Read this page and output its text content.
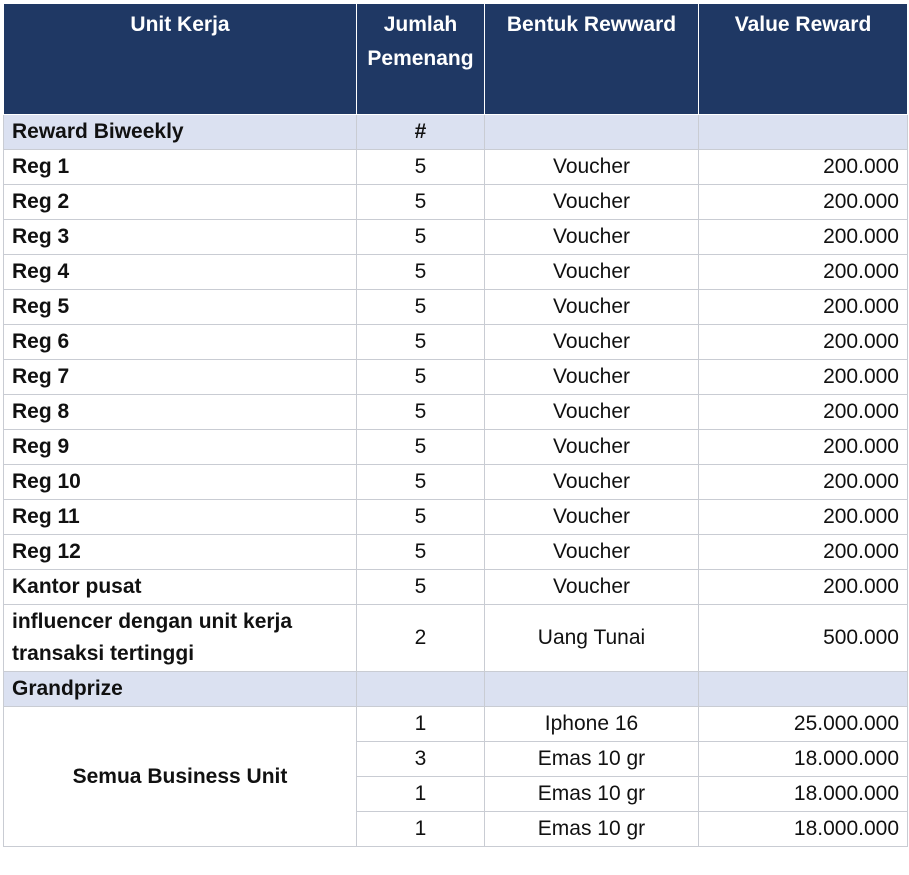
Unit Kerja	Jumlah Pemenang	Bentuk Rewward	Value Reward
Reward Biweekly	#		
Reg 1	5	Voucher	200.000
Reg 2	5	Voucher	200.000
Reg 3	5	Voucher	200.000
Reg 4	5	Voucher	200.000
Reg 5	5	Voucher	200.000
Reg 6	5	Voucher	200.000
Reg 7	5	Voucher	200.000
Reg 8	5	Voucher	200.000
Reg 9	5	Voucher	200.000
Reg 10	5	Voucher	200.000
Reg 11	5	Voucher	200.000
Reg 12	5	Voucher	200.000
Kantor pusat	5	Voucher	200.000
influencer dengan unit kerja transaksi tertinggi	2	Uang Tunai	500.000
Grandprize			
Semua Business Unit	1	Iphone 16	25.000.000
	3	Emas 10 gr	18.000.000
	1	Emas 10 gr	18.000.000
	1	Emas 10 gr	18.000.000
